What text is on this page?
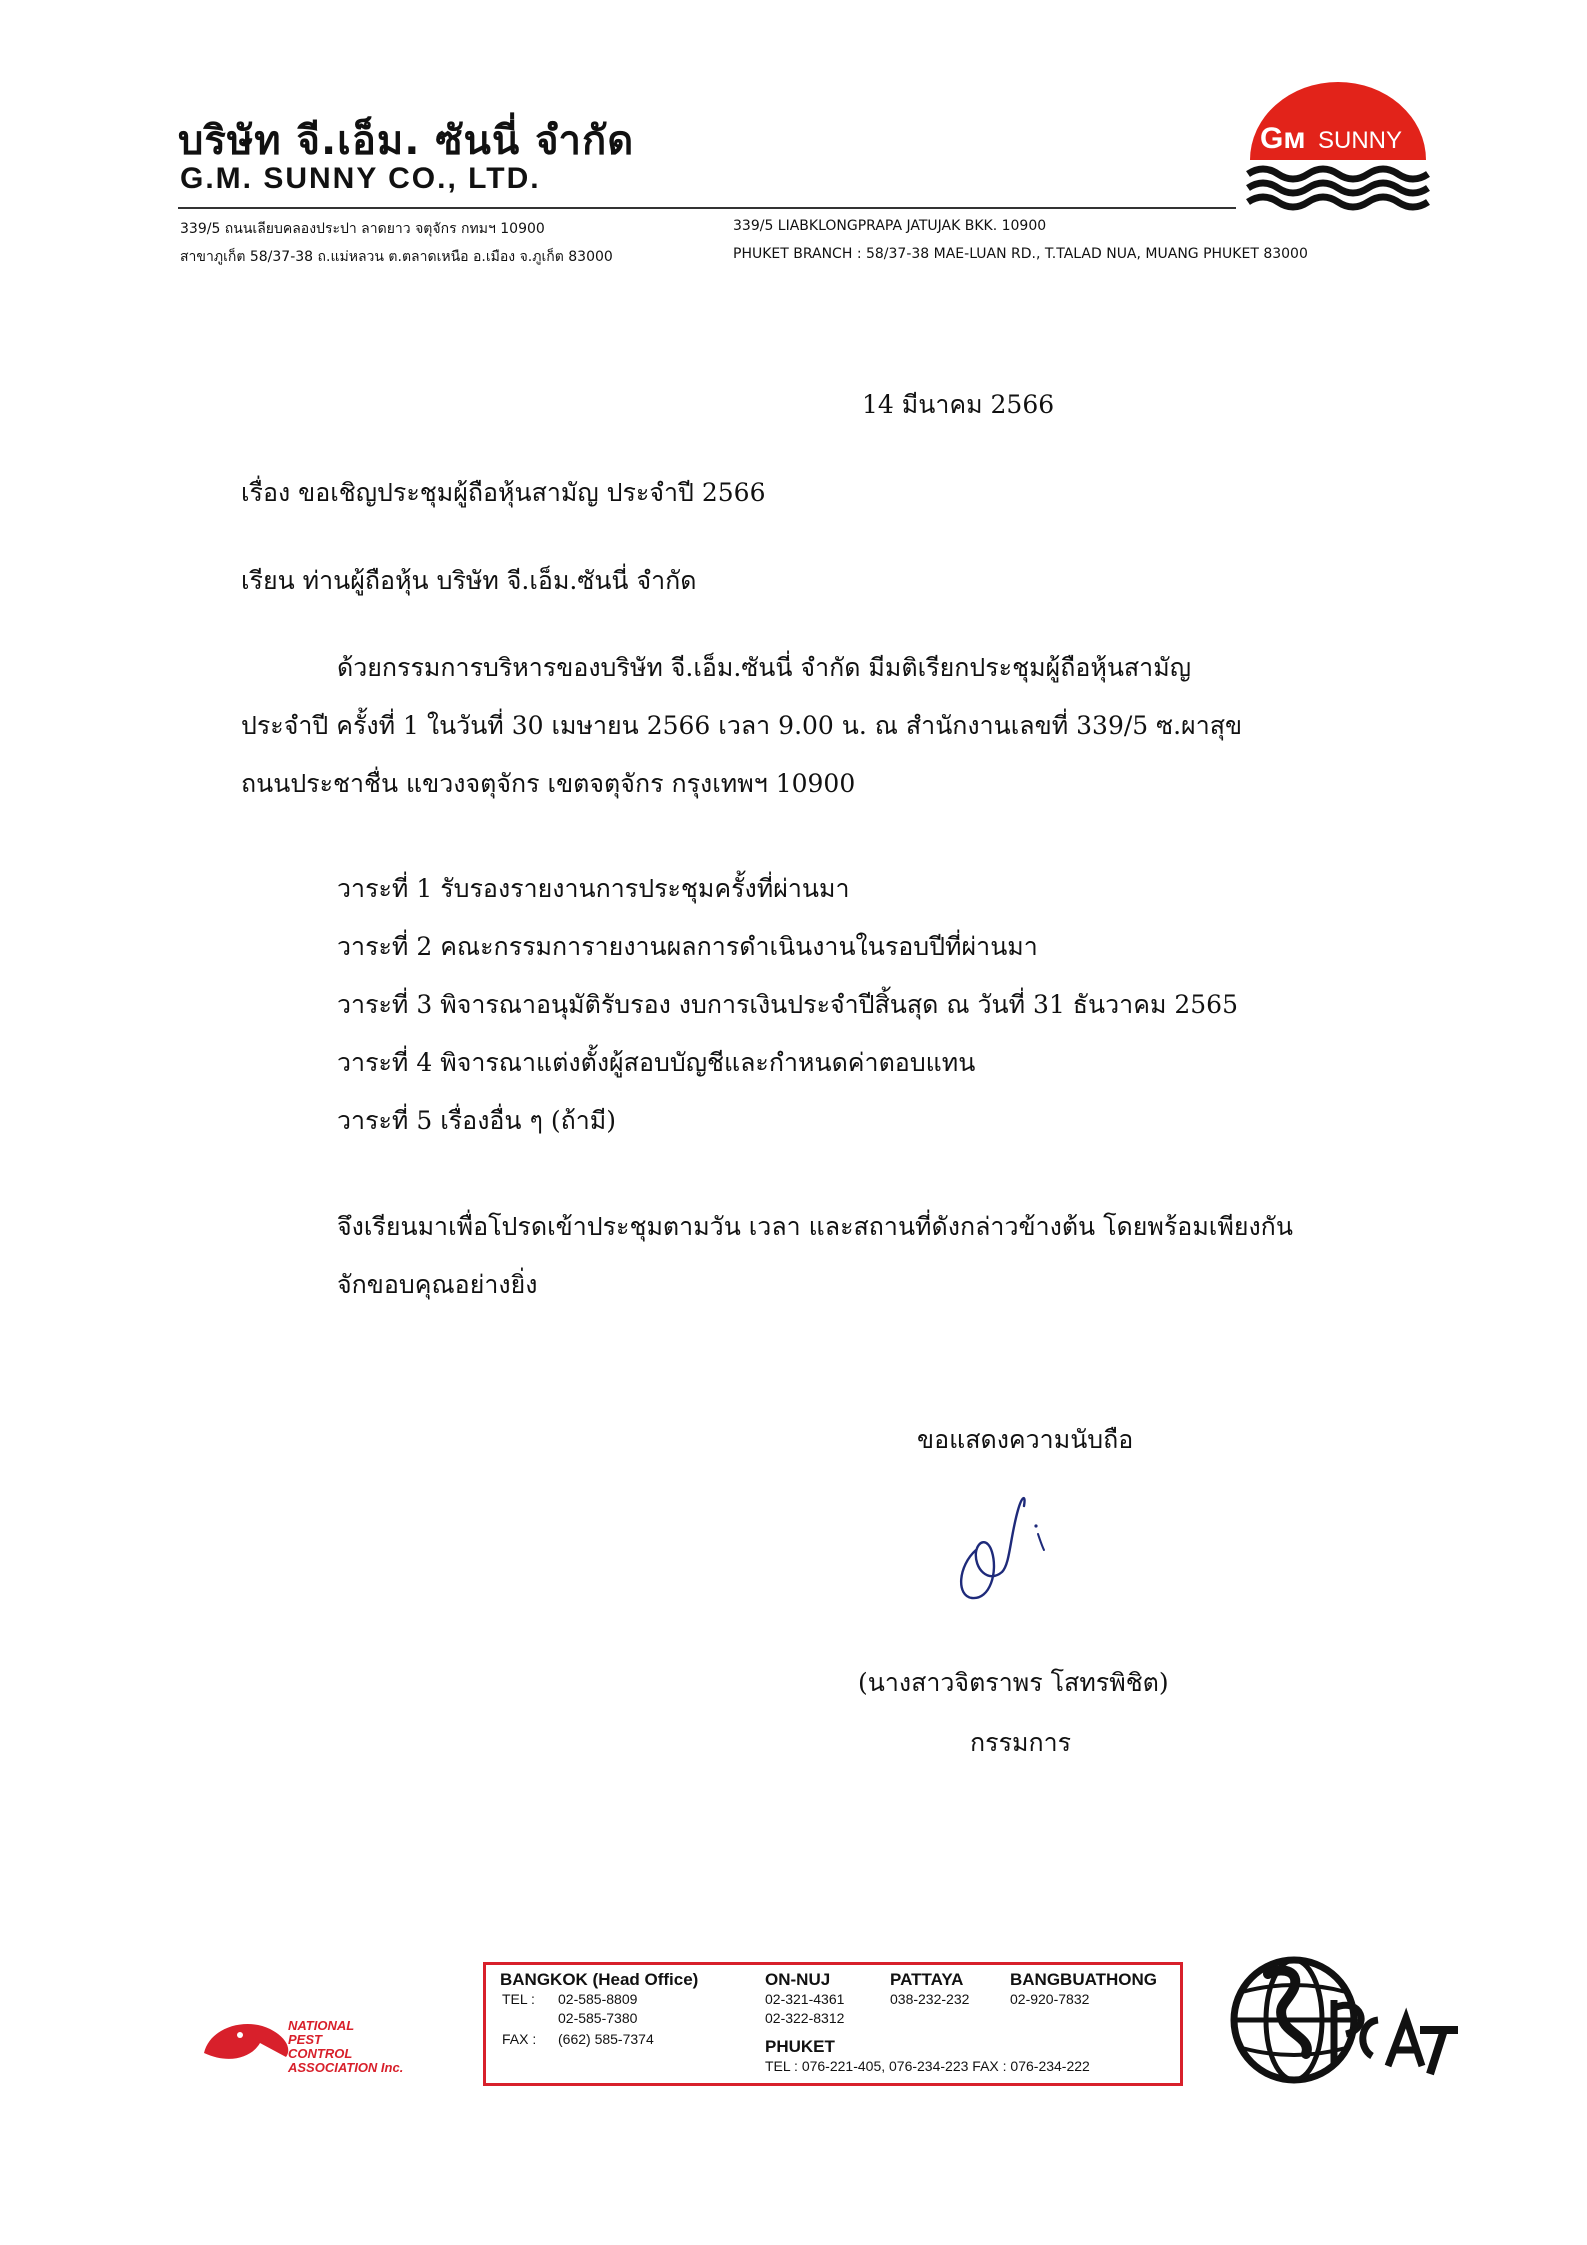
บริษัท จี.เอ็ม. ซันนี่ จำกัด
G.M. SUNNY CO., LTD.
339/5 ถนนเลียบคลองประปา ลาดยาว จตุจักร กทมฯ 10900
สาขาภูเก็ต 58/37-38 ถ.แม่หลวน ต.ตลาดเหนือ อ.เมือง จ.ภูเก็ต 83000
339/5 LIABKLONGPRAPA JATUJAK BKK. 10900
PHUKET BRANCH : 58/37-38 MAE-LUAN RD., T.TALAD NUA, MUANG PHUKET 83000
Gм SUNNY
14 มีนาคม 2566
เรื่อง ขอเชิญประชุมผู้ถือหุ้นสามัญ ประจำปี 2566
เรียน ท่านผู้ถือหุ้น บริษัท จี.เอ็ม.ซันนี่ จำกัด
ด้วยกรรมการบริหารของบริษัท จี.เอ็ม.ซันนี่ จำกัด มีมติเรียกประชุมผู้ถือหุ้นสามัญ
ประจำปี ครั้งที่ 1 ในวันที่ 30 เมษายน 2566 เวลา 9.00 น. ณ สำนักงานเลขที่ 339/5 ซ.ผาสุข
ถนนประชาชื่น แขวงจตุจักร เขตจตุจักร กรุงเทพฯ 10900
วาระที่ 1 รับรองรายงานการประชุมครั้งที่ผ่านมา
วาระที่ 2 คณะกรรมการายงานผลการดำเนินงานในรอบปีที่ผ่านมา
วาระที่ 3 พิจารณาอนุมัติรับรอง งบการเงินประจำปีสิ้นสุด ณ วันที่ 31 ธันวาคม 2565
วาระที่ 4 พิจารณาแต่งตั้งผู้สอบบัญชีและกำหนดค่าตอบแทน
วาระที่ 5 เรื่องอื่น ๆ (ถ้ามี)
จึงเรียนมาเพื่อโปรดเข้าประชุมตามวัน เวลา และสถานที่ดังกล่าวข้างต้น โดยพร้อมเพียงกัน
จักขอบคุณอย่างยิ่ง
ขอแสดงความนับถือ
(นางสาวจิตราพร โสทรพิชิต)
กรรมการ
NATIONAL
PEST
CONTROL
ASSOCIATION Inc.
BANGKOK (Head Office)
TEL : 02-585-8809
02-585-7380
FAX : (662) 585-7374
ON-NUJ
02-321-4361
02-322-8312
PATTAYA
038-232-232
BANGBUATHONG
02-920-7832
PHUKET
TEL : 076-221-405, 076-234-223 FAX : 076-234-222
